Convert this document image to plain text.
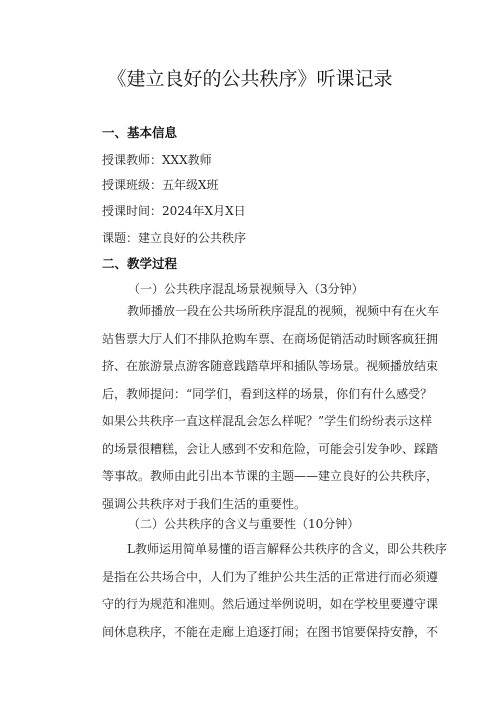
《建立良好的公共秩序》听课记录
一、基本信息

授课教师：XXX教师

授课班级：五年级X班

授课时间：2024年X月X日

课题：建立良好的公共秩序

二、教学过程

（一）公共秩序混乱场景视频导入（3分钟）

教师播放一段在公共场所秩序混乱的视频，视频中有在火车
站售票大厅人们不排队抢购车票、在商场促销活动时顾客疯狂拥
挤、在旅游景点游客随意践踏草坪和插队等场景。视频播放结束
后，教师提问：“同学们，看到这样的场景，你们有什么感受？
如果公共秩序一直这样混乱会怎么样呢？”学生们纷纷表示这样
的场景很糟糕，会让人感到不安和危险，可能会引发争吵、踩踏
等事故。教师由此引出本节课的主题——建立良好的公共秩序，
强调公共秩序对于我们生活的重要性。

（二）公共秩序的含义与重要性（10分钟）

L教师运用简单易懂的语言解释公共秩序的含义，即公共秩序
是指在公共场合中，人们为了维护公共生活的正常进行而必须遵
守的行为规范和准则。然后通过举例说明，如在学校里要遵守课
间休息秩序，不能在走廊上追逐打闹；在图书馆要保持安静，不
